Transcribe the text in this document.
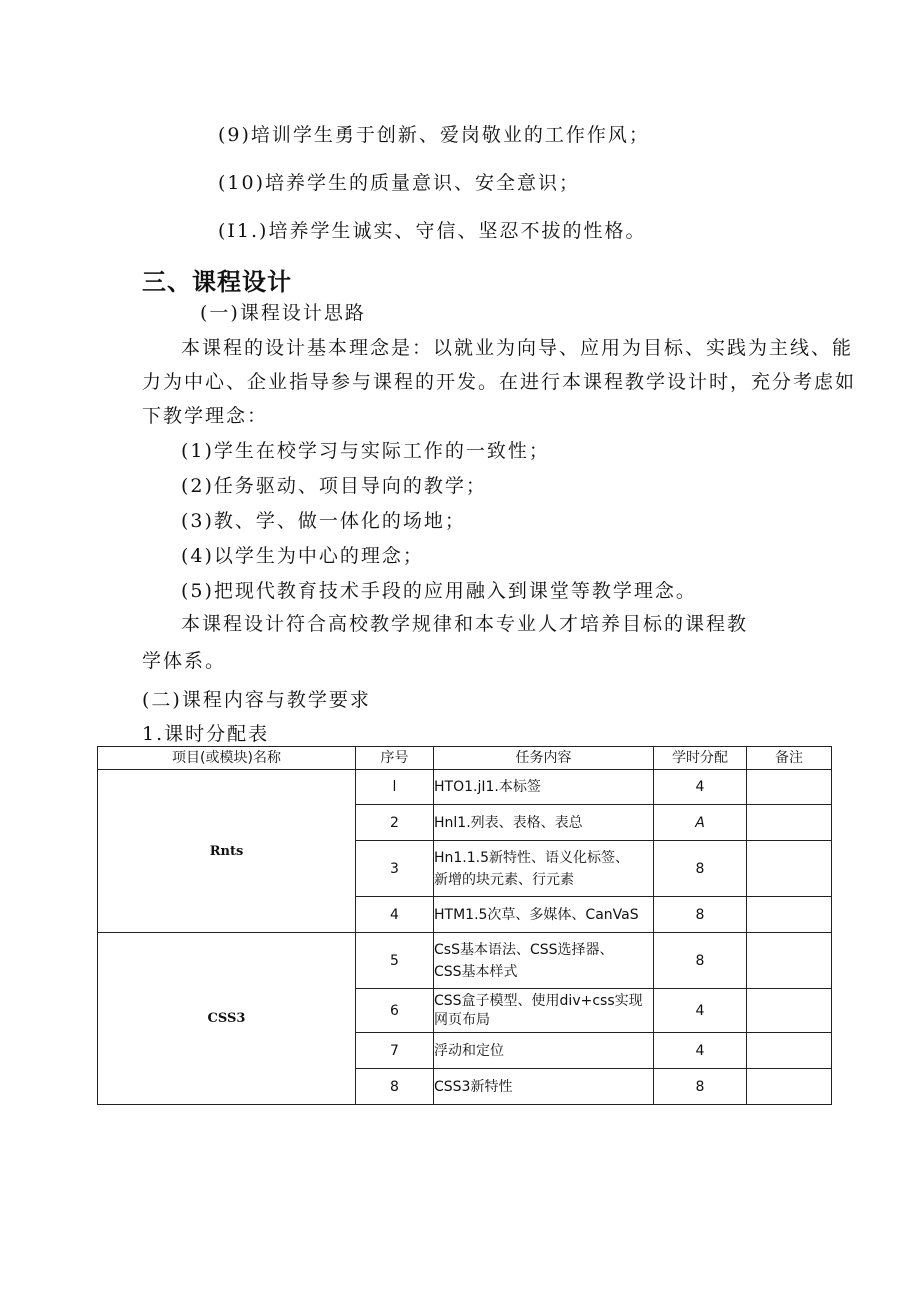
(9)培训学生勇于创新、爱岗敬业的工作作风；
(10)培养学生的质量意识、安全意识；
(I1.)培养学生诚实、守信、坚忍不拔的性格。
三、课程设计
(一)课程设计思路
本课程的设计基本理念是：以就业为向导、应用为目标、实践为主线、能
力为中心、企业指导参与课程的开发。在进行本课程教学设计时，充分考虑如
下教学理念：
(1)学生在校学习与实际工作的一致性；
(2)任务驱动、项目导向的教学；
(3)教、学、做一体化的场地；
(4)以学生为中心的理念；
(5)把现代教育技术手段的应用融入到课堂等教学理念。
本课程设计符合高校教学规律和本专业人才培养目标的课程教
学体系。
(二)课程内容与教学要求
1.课时分配表
项目(或模块)名称	序号	任务内容	学时分配	备注
Rnts	l	HTO1.jI1.本标签	4	
	2	Hnl1.列表、表格、表总	A	
	3	Hn1.1.5新特性、语义化标签、
新增的块元素、行元素	8	
	4	HTM1.5次草、多媒体、CanVaS	8	
CSS3	5	CsS基本语法、CSS选择器、
CSS基本样式	8	
	6	CSS盒子模型、使用div+css实现
网页布局	4	
	7	浮动和定位	4	
	8	CSS3新特性	8	
